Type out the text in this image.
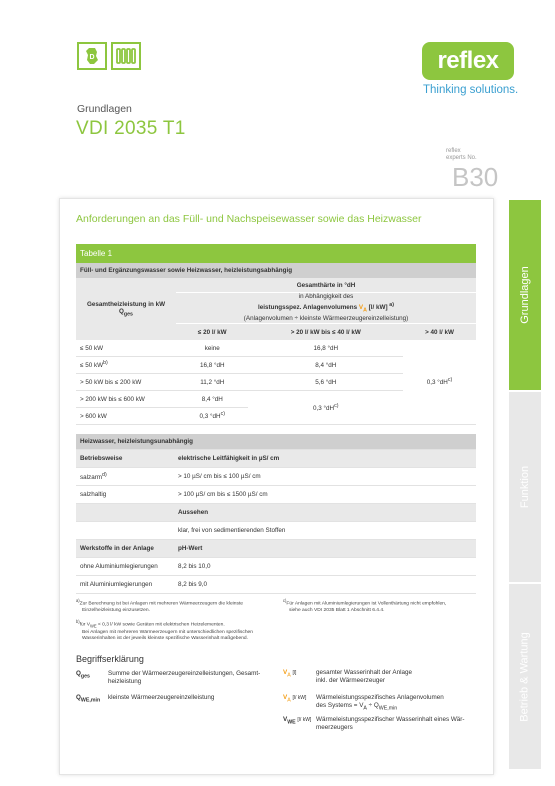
D	reflex
Thinking solutions.
Grundlagen
VDI 2035 T1
reflex
experts No.
B30
Grundlagen
Funktion
Betrieb & Wartung
Anforderungen an das Füll- und Nachspeisewasser sowie das Heizwasser
Tabelle 1			
Füll- und Ergänzungswasser sowie Heizwasser, heizleistungsabhängig			

Gesamtheizleistung in kW
$Q_{ges}$	Gesamthärte in °dH		

	in Abhängigkeit des
leistungsspez. Anlagenvolumens $V_A$ [l/ kW] $^{a)}$
(Anlagenvolumen ÷ kleinste Wärmeerzeugereinzelleistung)		

	≤ 20 l/ kW	> 20 l/ kW bis ≤ 40 l/ kW	> 40 l/ kW
≤ 50 kW	keine	16,8 °dH	0,3 $^\circ dH^{c)}$
≤ 50 $kW^{b)}$	16,8 °dH	8,4 °dH	
> 50 kW bis ≤ 200 kW	11,2 °dH	5,6 °dH	
> 200 kW bis ≤ 600 kW	8,4 °dH	0,3 $^\circ dH^{c)}$
> 600 kW	0,3 $^\circ dH^{c)}$
Heizwasser, heizleistungsunabhängig	
Betriebsweise	elektrische Leitfähigkeit in µS/ cm
salzarm$^{d)}$	> 10 µS/ cm bis ≤ 100 µS/ cm
salzhaltig	> 100 µS/ cm bis ≤ 1500 µS/ cm
	Aussehen
	klar, frei von sedimentierenden Stoffen
Werkstoffe in der Anlage	pH-Wert
ohne Aluminiumlegierungen	8,2 bis 10,0
mit Aluminiumlegierungen	8,2 bis 9,0
$^{a)}$Zur Berechnung ist bei Anlagen mit mehreren Wärmeerzeugern die kleinste
Einzelheizleistung einzusetzen.
$^{b)}$für $V_{WE} < 0,3$ l/ kW sowie Geräten mit elektrischen Heizelementen.
Bei Anlagen mit mehreren Wärmeerzeugern mit unterschiedlichen spezifischen
Wasserinhalten ist der jeweils kleinste spezifische Wasserinhalt maßgebend.
$^{c)}$Für Anlagen mit Aluminiumlegierungen ist Vollenthärtung nicht empfohlen,
siehe auch VDI 2035 Blatt 1 Abschnitt 6.4.4.
Begriffserklärung
$Q_{ges}$	Summe der Wärmeerzeugereinzelleistungen, Gesamt-
heizleistung
$Q_{WE,min}$ kleinste Wärmeerzeugereinzelleistung
$V_A$ [l]	gesamter Wasserinhalt der Anlage
inkl. der Wärmeerzeuger
$V_A$ [l/ kW] Wärmeleistungsspezifisches Anlagenvolumen
des Systems = $V_A \div Q_{WE,min}$
$V_{WE}$ [l/ kW] Wärmeleistungsspezifischer Wasserinhalt eines Wär-
meerzeugers
